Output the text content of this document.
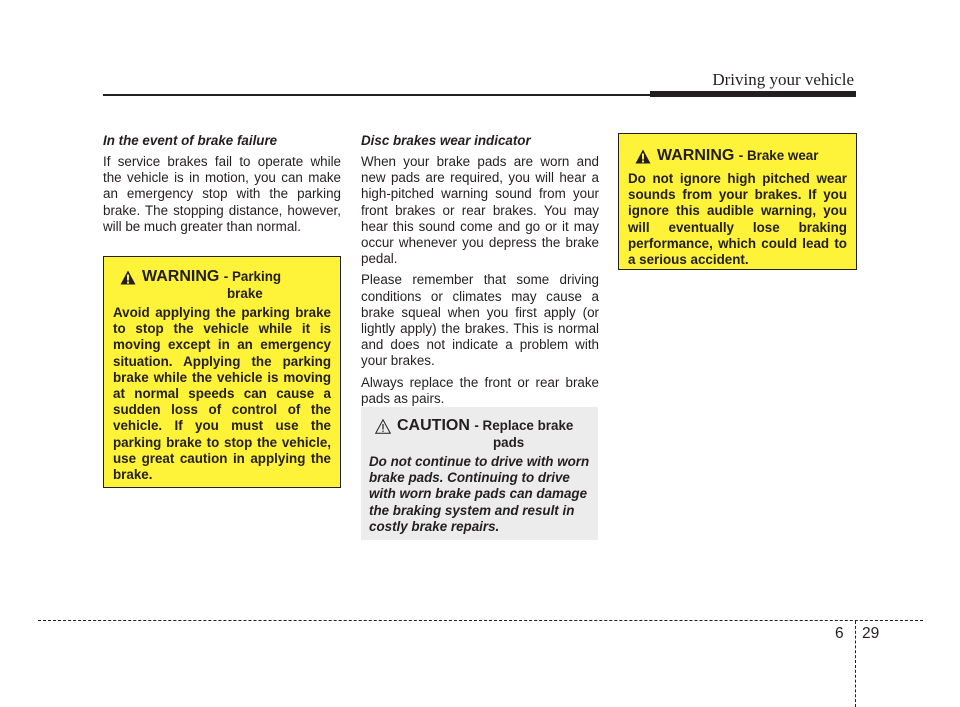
Driving your vehicle

In the event of brake failure

If service brakes fail to operate while the vehicle is in motion, you can make an emergency stop with the parking brake. The stopping distance, however, will be much greater than normal.

WARNING - Parking
brake

Avoid applying the parking brake to stop the vehicle while it is moving except in an emergency situation. Applying the parking brake while the vehicle is moving at normal speeds can cause a sudden loss of control of the vehicle. If you must use the parking brake to stop the vehicle, use great caution in applying the brake.

Disc brakes wear indicator

When your brake pads are worn and new pads are required, you will hear a high-pitched warning sound from your front brakes or rear brakes. You may hear this sound come and go or it may occur whenever you depress the brake pedal.

Please remember that some driving conditions or climates may cause a brake squeal when you first apply (or lightly apply) the brakes. This is normal and does not indicate a problem with your brakes.

Always replace the front or rear brake pads as pairs.

CAUTION - Replace brake
pads

Do not continue to drive with worn brake pads. Continuing to drive with worn brake pads can damage the braking system and result in costly brake repairs.

WARNING - Brake wear

Do not ignore high pitched wear sounds from your brakes. If you ignore this audible warning, you will eventually lose braking performance, which could lead to a serious accident.

6 29
